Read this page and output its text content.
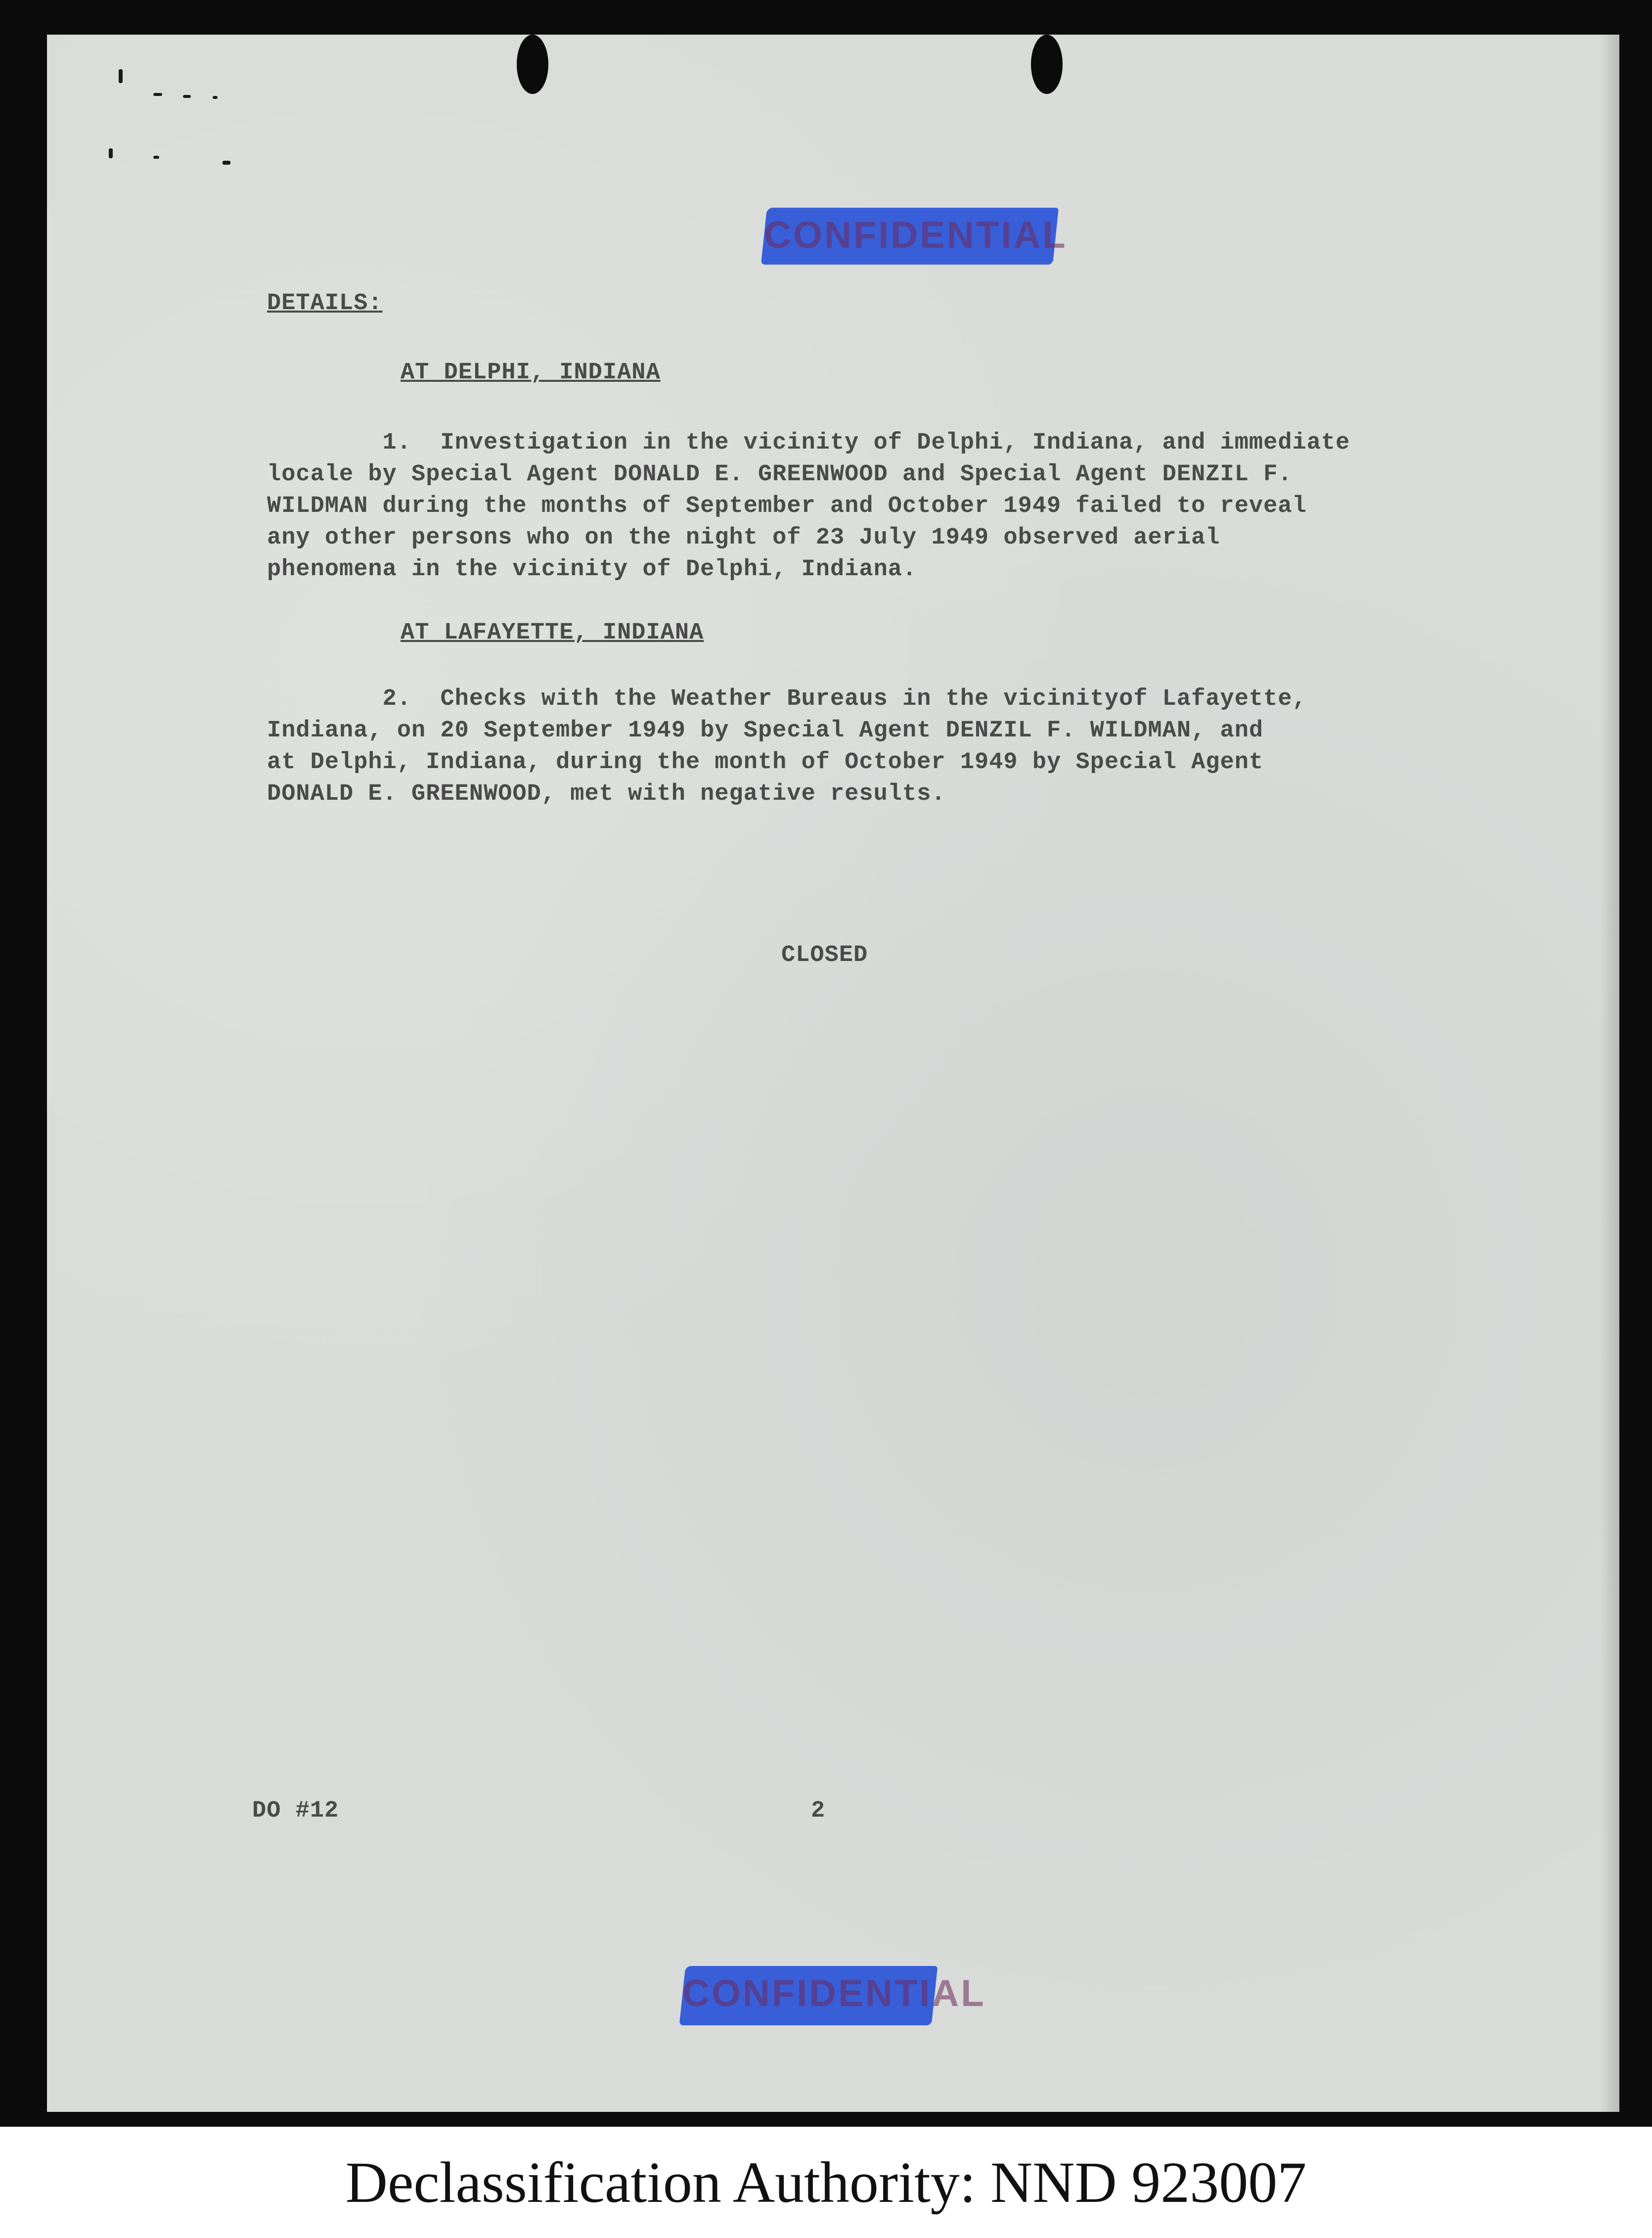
CONFIDENTIAL
DETAILS:
AT DELPHI, INDIANA
1.  Investigation in the vicinity of Delphi, Indiana, and immediate
locale by Special Agent DONALD E. GREENWOOD and Special Agent DENZIL F.
WILDMAN during the months of September and October 1949 failed to reveal
any other persons who on the night of 23 July 1949 observed aerial
phenomena in the vicinity of Delphi, Indiana.
AT LAFAYETTE, INDIANA
2.  Checks with the Weather Bureaus in the vicinityof Lafayette,
Indiana, on 20 September 1949 by Special Agent DENZIL F. WILDMAN, and
at Delphi, Indiana, during the month of October 1949 by Special Agent
DONALD E. GREENWOOD, met with negative results.
CLOSED
DO #12	2
CONFIDENTIAL
Declassification Authority: NND 923007
